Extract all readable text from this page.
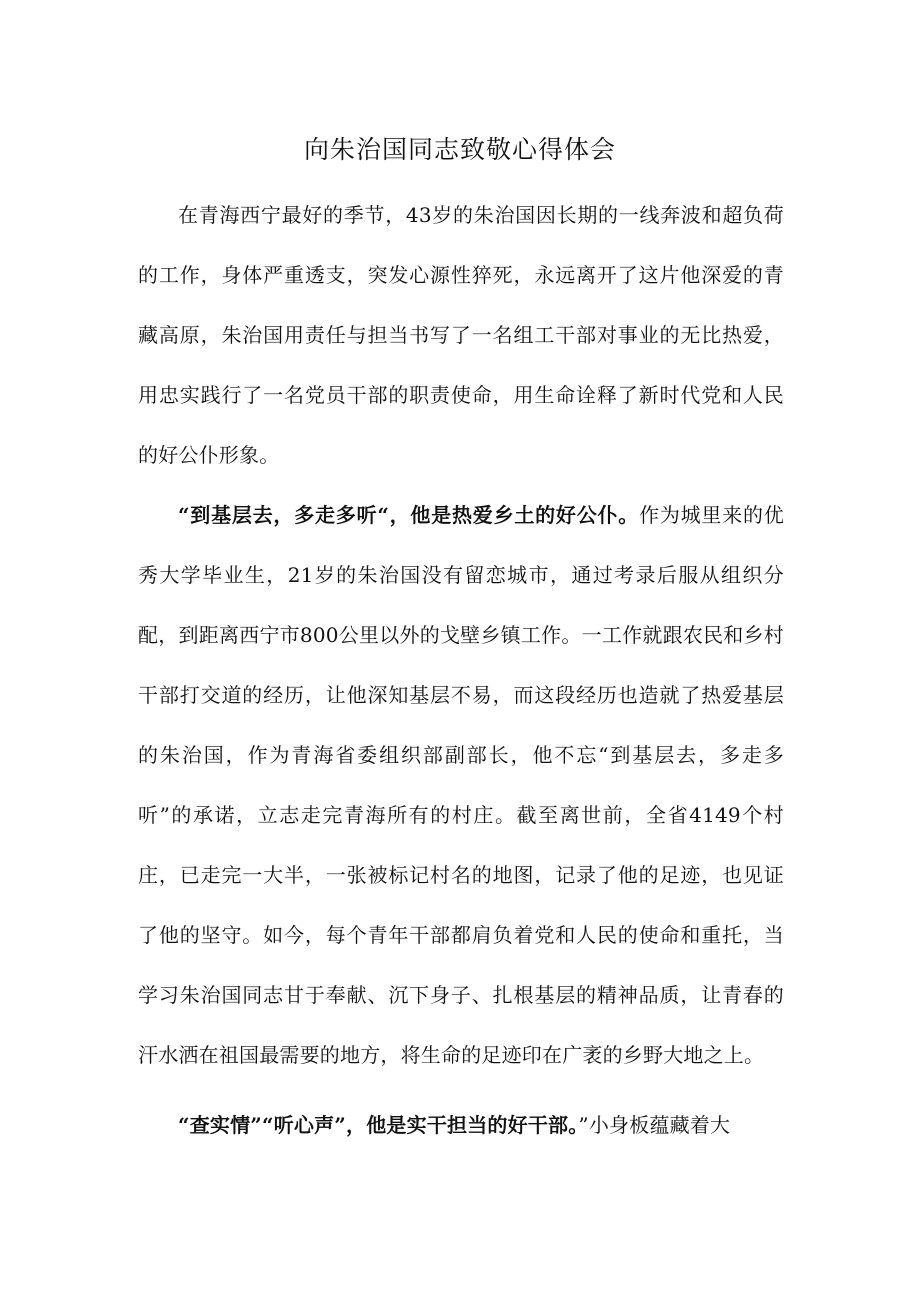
向朱治国同志致敬心得体会

在青海西宁最好的季节，43岁的朱治国因长期的一线奔波和超负荷的工作，身体严重透支，突发心源性猝死，永远离开了这片他深爱的青藏高原，朱治国用责任与担当书写了一名组工干部对事业的无比热爱，用忠实践行了一名党员干部的职责使命，用生命诠释了新时代党和人民的好公仆形象。

“到基层去，多走多听“，他是热爱乡土的好公仆。作为城里来的优秀大学毕业生，21岁的朱治国没有留恋城市，通过考录后服从组织分配，到距离西宁市800公里以外的戈壁乡镇工作。一工作就跟农民和乡村干部打交道的经历，让他深知基层不易，而这段经历也造就了热爱基层的朱治国，作为青海省委组织部副部长，他不忘“到基层去，多走多听”的承诺，立志走完青海所有的村庄。截至离世前，全省4149个村庄，已走完一大半，一张被标记村名的地图，记录了他的足迹，也见证了他的坚守。如今，每个青年干部都肩负着党和人民的使命和重托，当学习朱治国同志甘于奉献、沉下身子、扎根基层的精神品质，让青春的汗水洒在祖国最需要的地方，将生命的足迹印在广袤的乡野大地之上。

“查实情”“听心声”，他是实干担当的好干部。”小身板蕴藏着大
